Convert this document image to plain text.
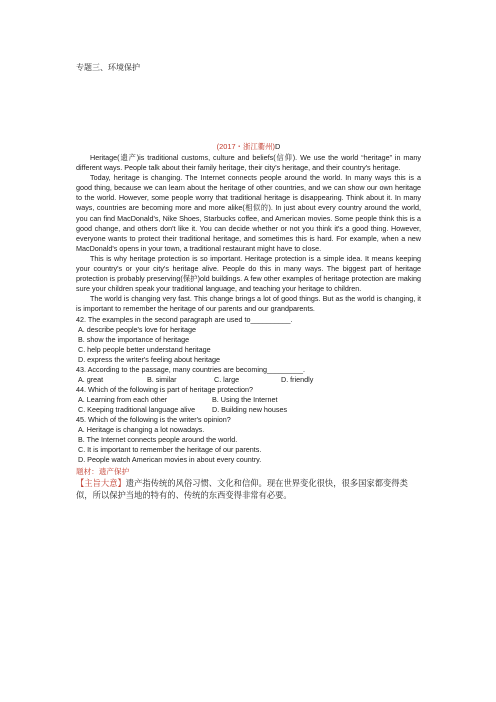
专题三、环境保护
(2017・浙江衢州)D

Heritage(遗产)is traditional customs, culture and beliefs(信仰). We use the world “heritage” in many different ways. People talk about their family heritage, their city's heritage, and their country's heritage.

Today, heritage is changing. The Internet connects people around the world. In many ways this is a good thing, because we can learn about the heritage of other countries, and we can show our own heritage to the world. However, some people worry that traditional heritage is disappearing. Think about it. In many ways, countries are becoming more and more alike(相似的). In just about every country around the world, you can find MacDonald's, Nike Shoes, Starbucks coffee, and American movies. Some people think this is a good change, and others don't like it. You can decide whether or not you think it's a good thing. However, everyone wants to protect their traditional heritage, and sometimes this is hard. For example, when a new MacDonald's opens in your town, a traditional restaurant might have to close.

This is why heritage protection is so important. Heritage protection is a simple idea. It means keeping your country's or your city's heritage alive. People do this in many ways. The biggest part of heritage protection is probably preserving(保护)old buildings. A few other examples of heritage protection are making sure your children speak your traditional language, and teaching your heritage to children.

The world is changing very fast. This change brings a lot of good things. But as the world is changing, it is important to remember the heritage of our parents and our grandparents.

42. The examples in the second paragraph are used to__________.

A. describe people's love for heritage

B. show the importance of heritage

C. help people better understand heritage

D. express the writer's feeling about heritage

43. According to the passage, many countries are becoming_________.

A. great	B. similar	C. large	D. friendly

44. Which of the following is part of heritage protection?

A. Learning from each other	B. Using the Internet

C. Keeping traditional language alive D. Building new houses

45. Which of the following is the writer's opinion?

A. Heritage is changing a lot nowadays.

B. The Internet connects people around the world.

C. It is important to remember the heritage of our parents.

D. People watch American movies in about every country.

题材：遗产保护

【主旨大意】遗产指传统的风俗习惯、文化和信仰。现在世界变化很快，很多国家都变得类似，所以保护当地的特有的、传统的东西变得非常有必要。
